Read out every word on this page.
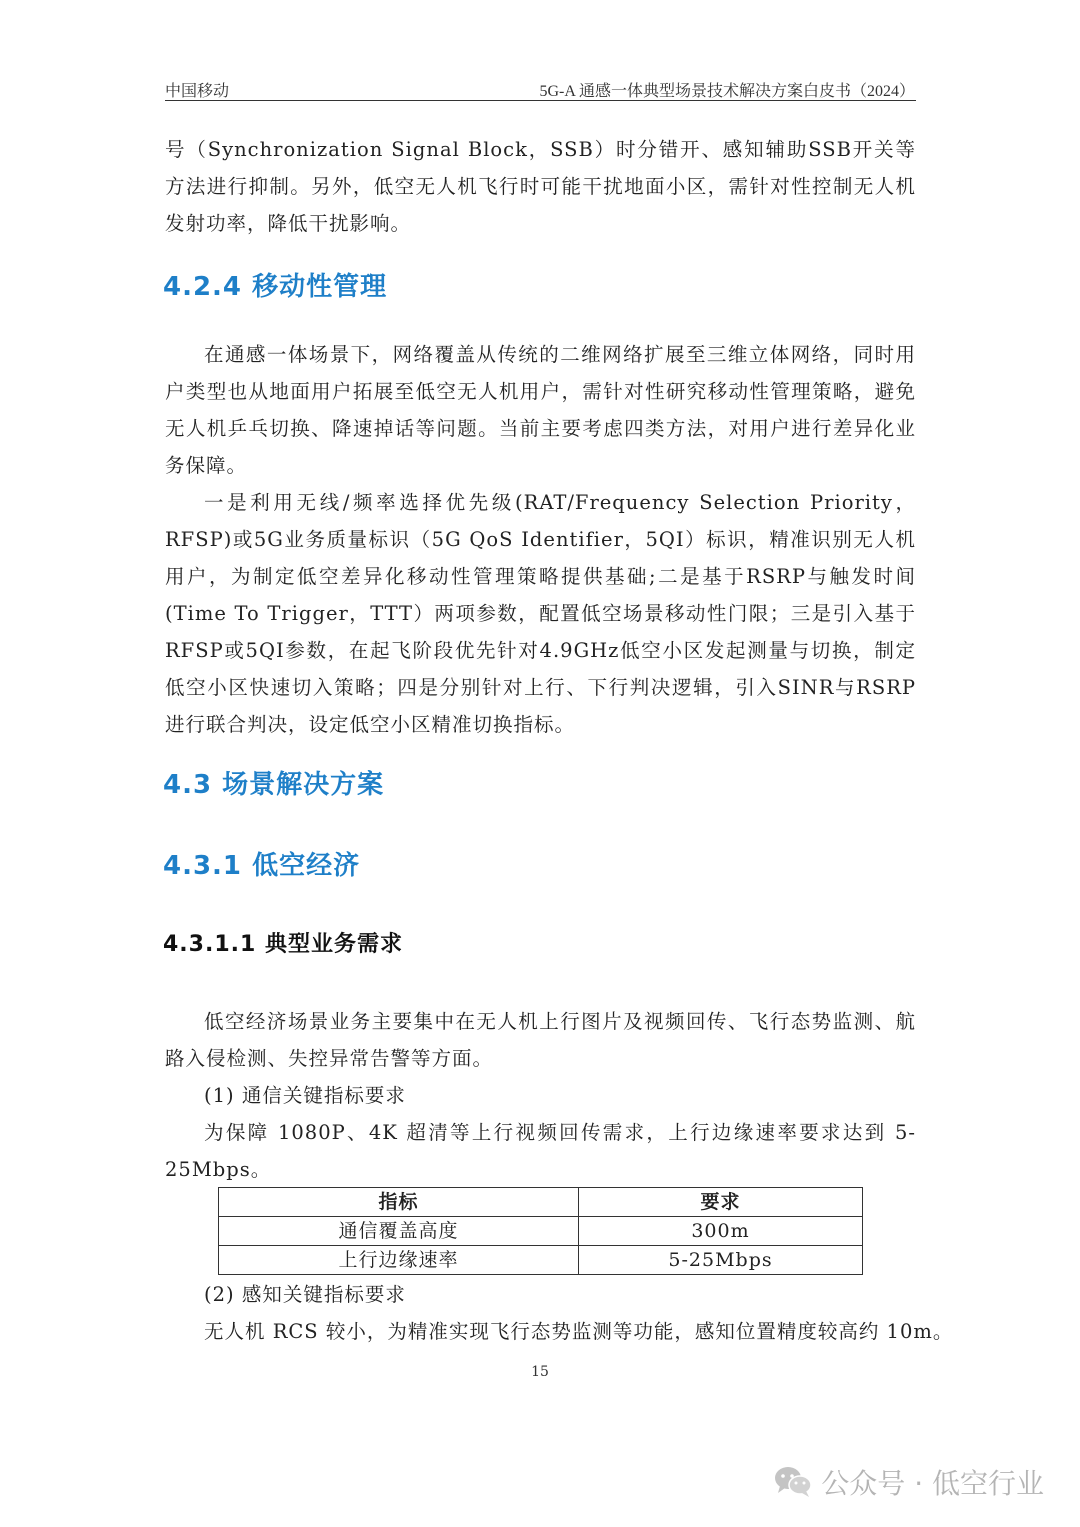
中国移动	5G-A 通感一体典型场景技术解决方案白皮书（2024）

号（Synchronization Signal Block，SSB）时分错开、感知辅助SSB开关等方法进行抑制。另外，低空无人机飞行时可能干扰地面小区，需针对性控制无人机发射功率，降低干扰影响。

4.2.4 移动性管理

在通感一体场景下，网络覆盖从传统的二维网络扩展至三维立体网络，同时用户类型也从地面用户拓展至低空无人机用户，需针对性研究移动性管理策略，避免无人机乒乓切换、降速掉话等问题。当前主要考虑四类方法，对用户进行差异化业务保障。

一是利用无线/频率选择优先级(RAT/Frequency Selection Priority，RFSP)或5G业务质量标识（5G QoS Identifier，5QI）标识，精准识别无人机用户，为制定低空差异化移动性管理策略提供基础;二是基于RSRP与触发时间(Time To Trigger，TTT）两项参数，配置低空场景移动性门限；三是引入基于RFSP或5QI参数，在起飞阶段优先针对4.9GHz低空小区发起测量与切换，制定低空小区快速切入策略；四是分别针对上行、下行判决逻辑，引入SINR与RSRP进行联合判决，设定低空小区精准切换指标。

4.3 场景解决方案
4.3.1 低空经济
4.3.1.1 典型业务需求

低空经济场景业务主要集中在无人机上行图片及视频回传、飞行态势监测、航路入侵检测、失控异常告警等方面。

(1) 通信关键指标要求

为保障 1080P、4K 超清等上行视频回传需求，上行边缘速率要求达到 5-25Mbps。

指标	要求
通信覆盖高度	300m
上行边缘速率	5-25Mbps
(2) 感知关键指标要求
无人机 RCS 较小，为精准实现飞行态势监测等功能，感知位置精度较高约 10m。
15
公众号 · 低空行业
